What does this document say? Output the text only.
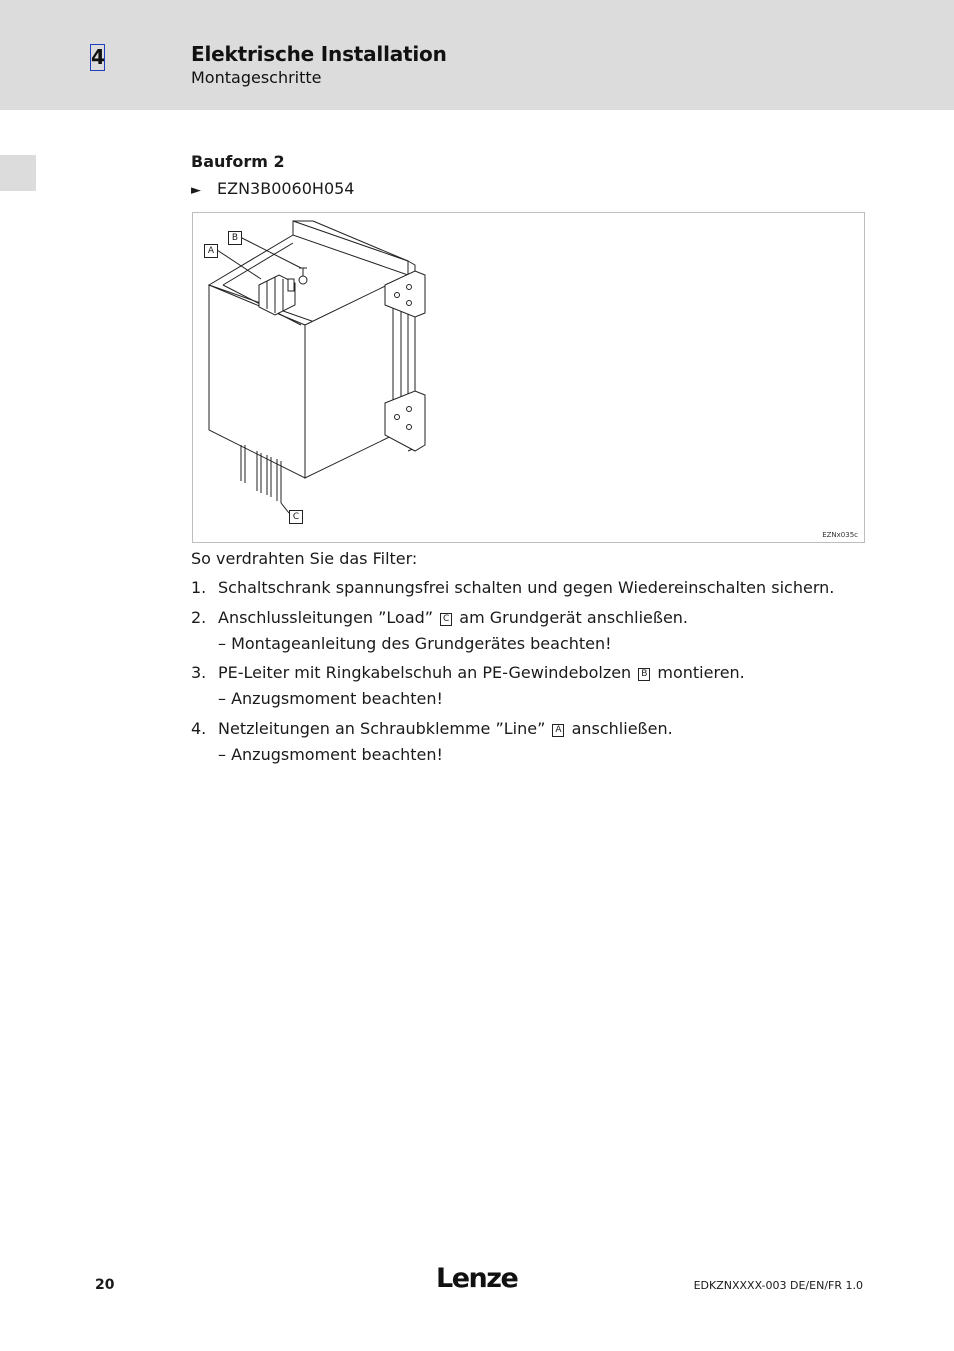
4	Elektrische Installation
Montageschritte
Bauform 2
► EZN3B0060H054
A
B
C
EZNx035c
So verdrahten Sie das Filter:
1. Schaltschrank spannungsfrei schalten und gegen Wiedereinschalten sichern.
2. Anschlussleitungen ”Load” C am Grundgerät anschließen.
– Montageanleitung des Grundgerätes beachten!
3. PE-Leiter mit Ringkabelschuh an PE-Gewindebolzen B montieren.
– Anzugsmoment beachten!
4. Netzleitungen an Schraubklemme ”Line” A anschließen.
– Anzugsmoment beachten!
20	Lenze	EDKZNXXXX-003 DE/EN/FR 1.0
